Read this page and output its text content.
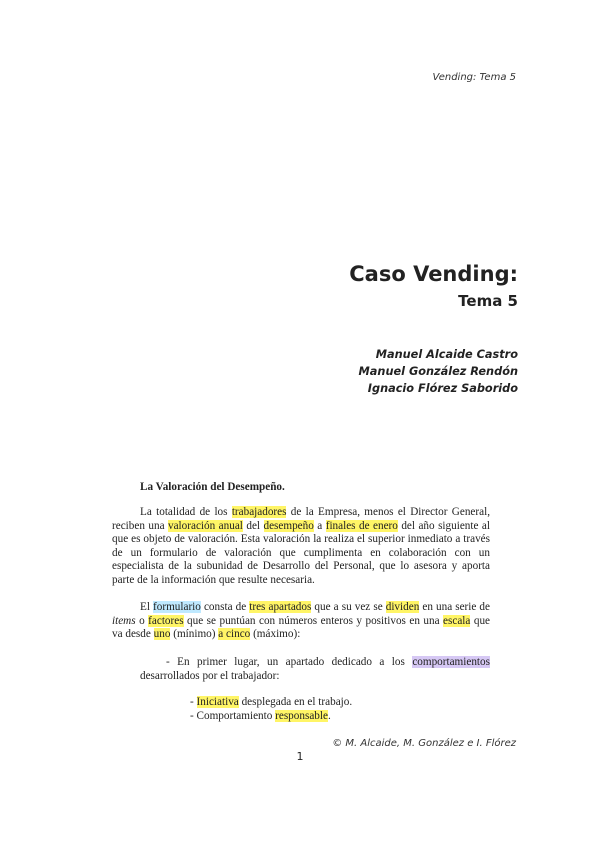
Vending: Tema 5
Caso Vending:
Tema 5
Manuel Alcaide Castro
Manuel González Rendón
Ignacio Flórez Saborido
La Valoración del Desempeño.

La totalidad de los trabajadores de la Empresa, menos el Director General, reciben una valoración anual del desempeño a finales de enero del año siguiente al que es objeto de valoración. Esta valoración la realiza el superior inmediato a través de un formulario de valoración que cumplimenta en colaboración con un especialista de la subunidad de Desarrollo del Personal, que lo asesora y aporta parte de la información que resulte necesaria.

El formulario consta de tres apartados que a su vez se dividen en una serie de items o factores que se puntúan con números enteros y positivos en una escala que va desde uno (mínimo) a cinco (máximo):

- En primer lugar, un apartado dedicado a los comportamientos desarrollados por el trabajador:
- Iniciativa desplegada en el trabajo.
- Comportamiento responsable.
© M. Alcaide, M. González e I. Flórez
1
